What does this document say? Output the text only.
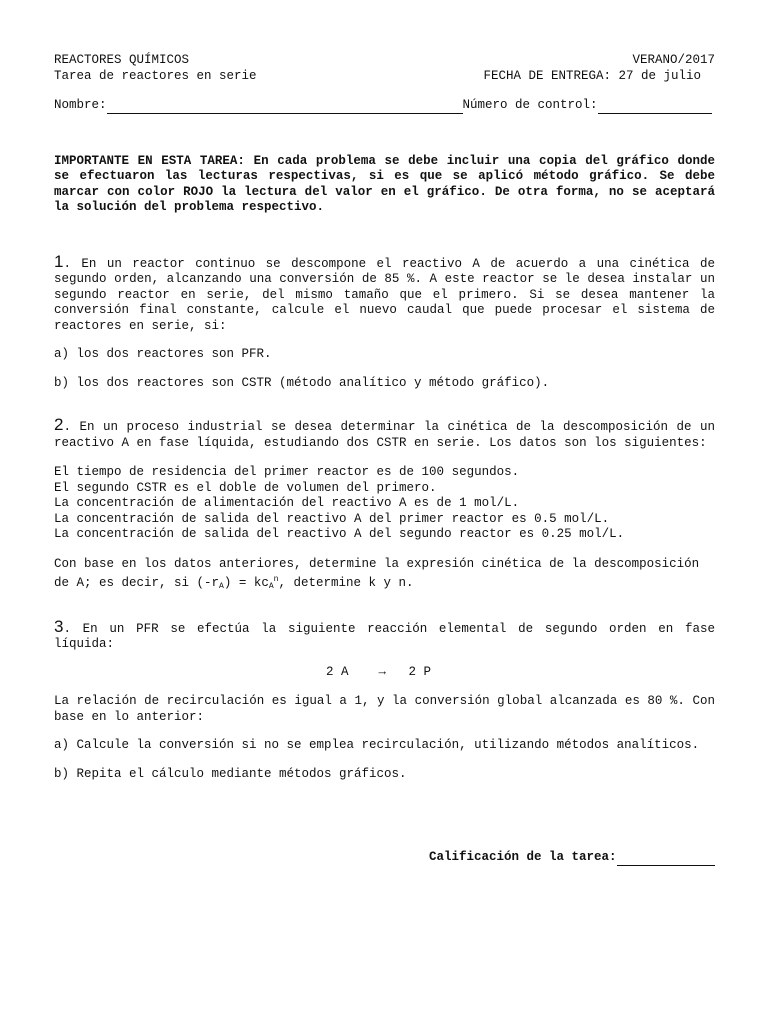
REACTORES QUÍMICOS	VERANO/2017
Tarea de reactores en serie	FECHA DE ENTREGA: 27 de julio
Nombre:	Número de control:
IMPORTANTE EN ESTA TAREA: En cada problema se debe incluir una copia del gráfico donde se efectuaron las lecturas respectivas, si es que se aplicó método gráfico. Se debe marcar con color ROJO la lectura del valor en el gráfico. De otra forma, no se aceptará la solución del problema respectivo.
1. En un reactor continuo se descompone el reactivo A de acuerdo a una cinética de segundo orden, alcanzando una conversión de 85 %. A este reactor se le desea instalar un segundo reactor en serie, del mismo tamaño que el primero. Si se desea mantener la conversión final constante, calcule el nuevo caudal que puede procesar el sistema de reactores en serie, si:
a) los dos reactores son PFR.
b) los dos reactores son CSTR (método analítico y método gráfico).
2. En un proceso industrial se desea determinar la cinética de la descomposición de un reactivo A en fase líquida, estudiando dos CSTR en serie. Los datos son los siguientes:
El tiempo de residencia del primer reactor es de 100 segundos.
El segundo CSTR es el doble de volumen del primero.
La concentración de alimentación del reactivo A es de 1 mol/L.
La concentración de salida del reactivo A del primer reactor es 0.5 mol/L.
La concentración de salida del reactivo A del segundo reactor es 0.25 mol/L.
Con base en los datos anteriores, determine la expresión cinética de la descomposición
de A; es decir, si $(-r_A) = kc_A^n$, determine k y n.
3. En un PFR se efectúa la siguiente reacción elemental de segundo orden en fase líquida:
2 A    →   2 P
La relación de recirculación es igual a 1, y la conversión global alcanzada es 80 %. Con base en lo anterior:
a) Calcule la conversión si no se emplea recirculación, utilizando métodos analíticos.
b) Repita el cálculo mediante métodos gráficos.
Calificación de la tarea:
